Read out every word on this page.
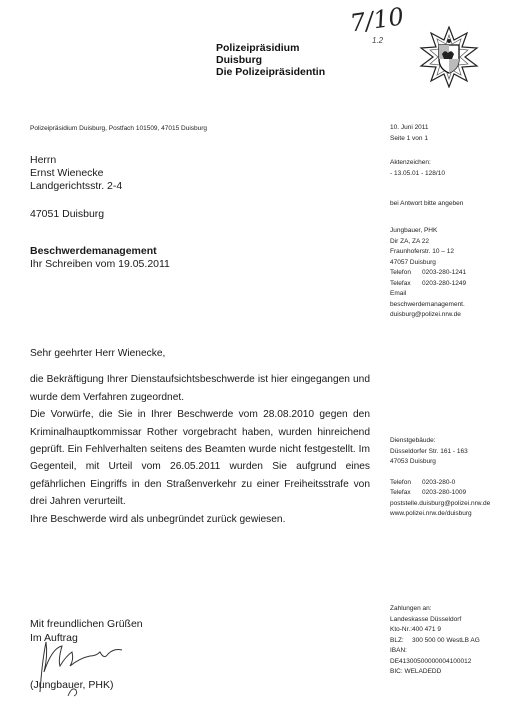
7/10
1.2
Polizeipräsidium
Duisburg
Die Polizeipräsidentin
Polizeipräsidium Duisburg, Postfach 101509, 47015 Duisburg
Herrn
Ernst Wienecke
Landgerichtsstr. 2-4
47051 Duisburg
Beschwerdemanagement
Ihr Schreiben vom 19.05.2011
10. Juni 2011
Seite 1 von 1
Aktenzeichen:
- 13.05.01 - 128/10
bei Antwort bitte angeben
Jungbauer, PHK
Dir ZA, ZA 22
Fraunhoferstr. 10 – 12
47057 Duisburg
Telefon	0203-280-1241
Telefax	0203-280-1249
Email
beschwerdemanagement.
duisburg@polizei.nrw.de
Dienstgebäude:
Düsseldorfer Str. 161 - 163
47053 Duisburg
Telefon	0203-280-0
Telefax	0203-280-1009
poststelle.duisburg@polizei.nrw.de
www.polizei.nrw.de/duisburg
Zahlungen an:
Landeskasse Düsseldorf
Kto-Nr.:400 471 9
BLZ:	300 500 00 WestLB AG
IBAN:
DE41300500000004100012
BIC: WELADEDD

Sehr geehrter Herr Wienecke,

die Bekräftigung Ihrer Dienstaufsichtsbeschwerde ist hier eingegangen und wurde dem Verfahren zugeordnet.

Die Vorwürfe, die Sie in Ihrer Beschwerde vom 28.08.2010 gegen den Kriminalhauptkommissar Rother vorgebracht haben, wurden hinreichend geprüft. Ein Fehlverhalten seitens des Beamten wurde nicht festgestellt. Im Gegenteil, mit Urteil vom 26.05.2011 wurden Sie aufgrund eines gefährlichen Eingriffs in den Straßenverkehr zu einer Freiheitsstrafe von drei Jahren verurteilt.

Ihre Beschwerde wird als unbegründet zurück gewiesen.

Mit freundlichen Grüßen
Im Auftrag
(Jungbauer, PHK)
